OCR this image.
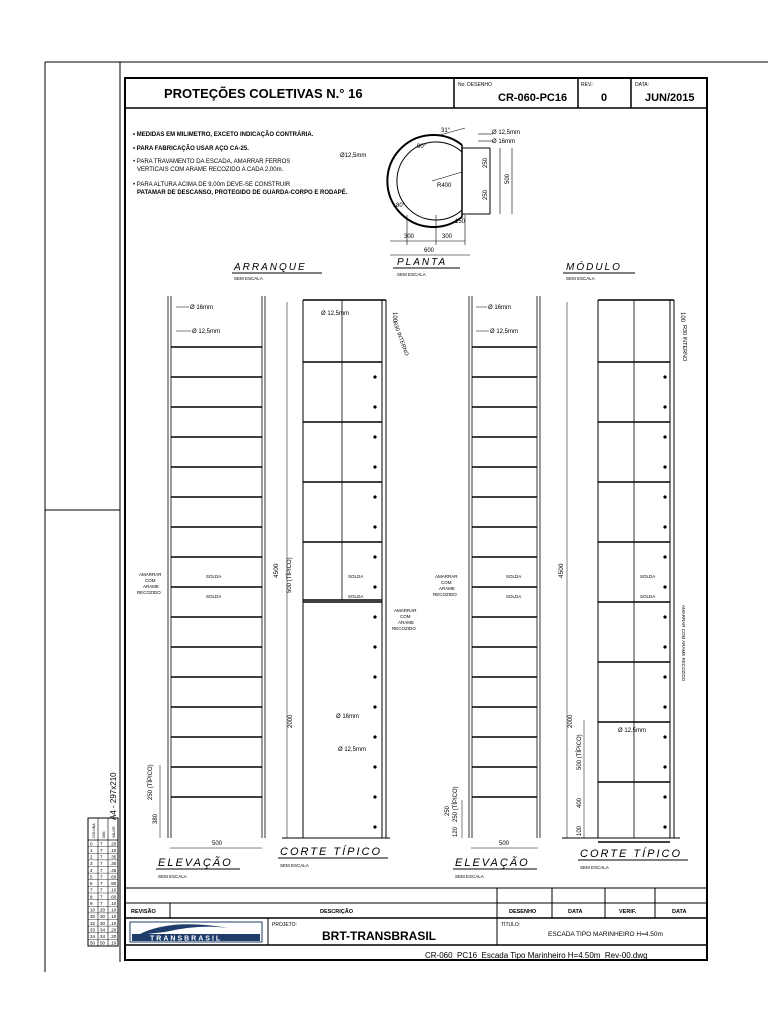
PROTEÇÕES COLETIVAS N.° 16
No. DESENHO
CR-060-PC16
REV.:
0
DATA:
JUN/2015
• MEDIDAS EM MILIMETRO, EXCETO INDICAÇÃO CONTRÁRIA.
• PARA FABRICAÇÃO USAR AÇO CA-25.
• PARA TRAVAMENTO DA ESCADA, AMARRAR FERROS
VERTICAIS COM ARAME RECOZIDO A CADA 2,00m.
• PARA ALTURA ACIMA DE 9,00m DEVE-SE CONSTRUIR
PATAMAR DE DESCANSO, PROTEGIDO DE GUARDA-CORPO E RODAPÉ.
31°	Ø 12,5mm
Ø 16mm
90°
Ø12,5mm
R400
250
250
500
150
80°
300	300
600
ARRANQUE
SEM ESCALA
PLANTA
SEM ESCALA
MÓDULO
SEM ESCALA
Ø 16mm
Ø 12,5mm
AMARRAR
COM
ARAME
RECOZIDO
SOLDA
SOLDA
250 (TÍPICO)
380
500
ELEVAÇÃO
SEM ESCALA
Ø 12,5mm	100
R30 INTERNO
4500 500 (TÍPICO)	SOLDA
SOLDA
AMARRAR
COM
ARAME
RECOZIDO
2000	Ø 16mm
Ø 12,5mm
CORTE TÍPICO
SEM ESCALA
Ø 16mm
Ø 12,5mm
AMARRAR
COM
ARAME
RECOZIDO
SOLDA
SOLDA
120
250 (TÍPICO)
250
500
ELEVAÇÃO
SEM ESCALA
100
R30 INTERNO
4500	SOLDA
SOLDA
AMARRAR COM ARAME RECOZIDO
2000
Ø 12,5mm
500 (TÍPICO)
400
100
CORTE TÍPICO
SEM ESCALA
REVISÃO	DESCRIÇÃO	DESENHO	DATA	VERIF.	DATA
TRANSBRASIL
PROJETO:
BRT-TRANSBRASIL
TÍTULO:
ESCADA TIPO MARINHEIRO H=4.50m
CR-060_PC16_Escada Tipo Marinheiro H=4.50m_Rev-00.dwg
A4 - 297x210
0 7 .20
1 7 .10
2 7 .35
3 7 .30
4 7 .45
5 7 .60
6 7 .80
7 7 .10
8 7 .60
9 7 .10
10 20 .10
30 30 .10
32 30 .10
33 34 .20
34 34 .20
50 50 .10
COLUNA DIM. VALOR
